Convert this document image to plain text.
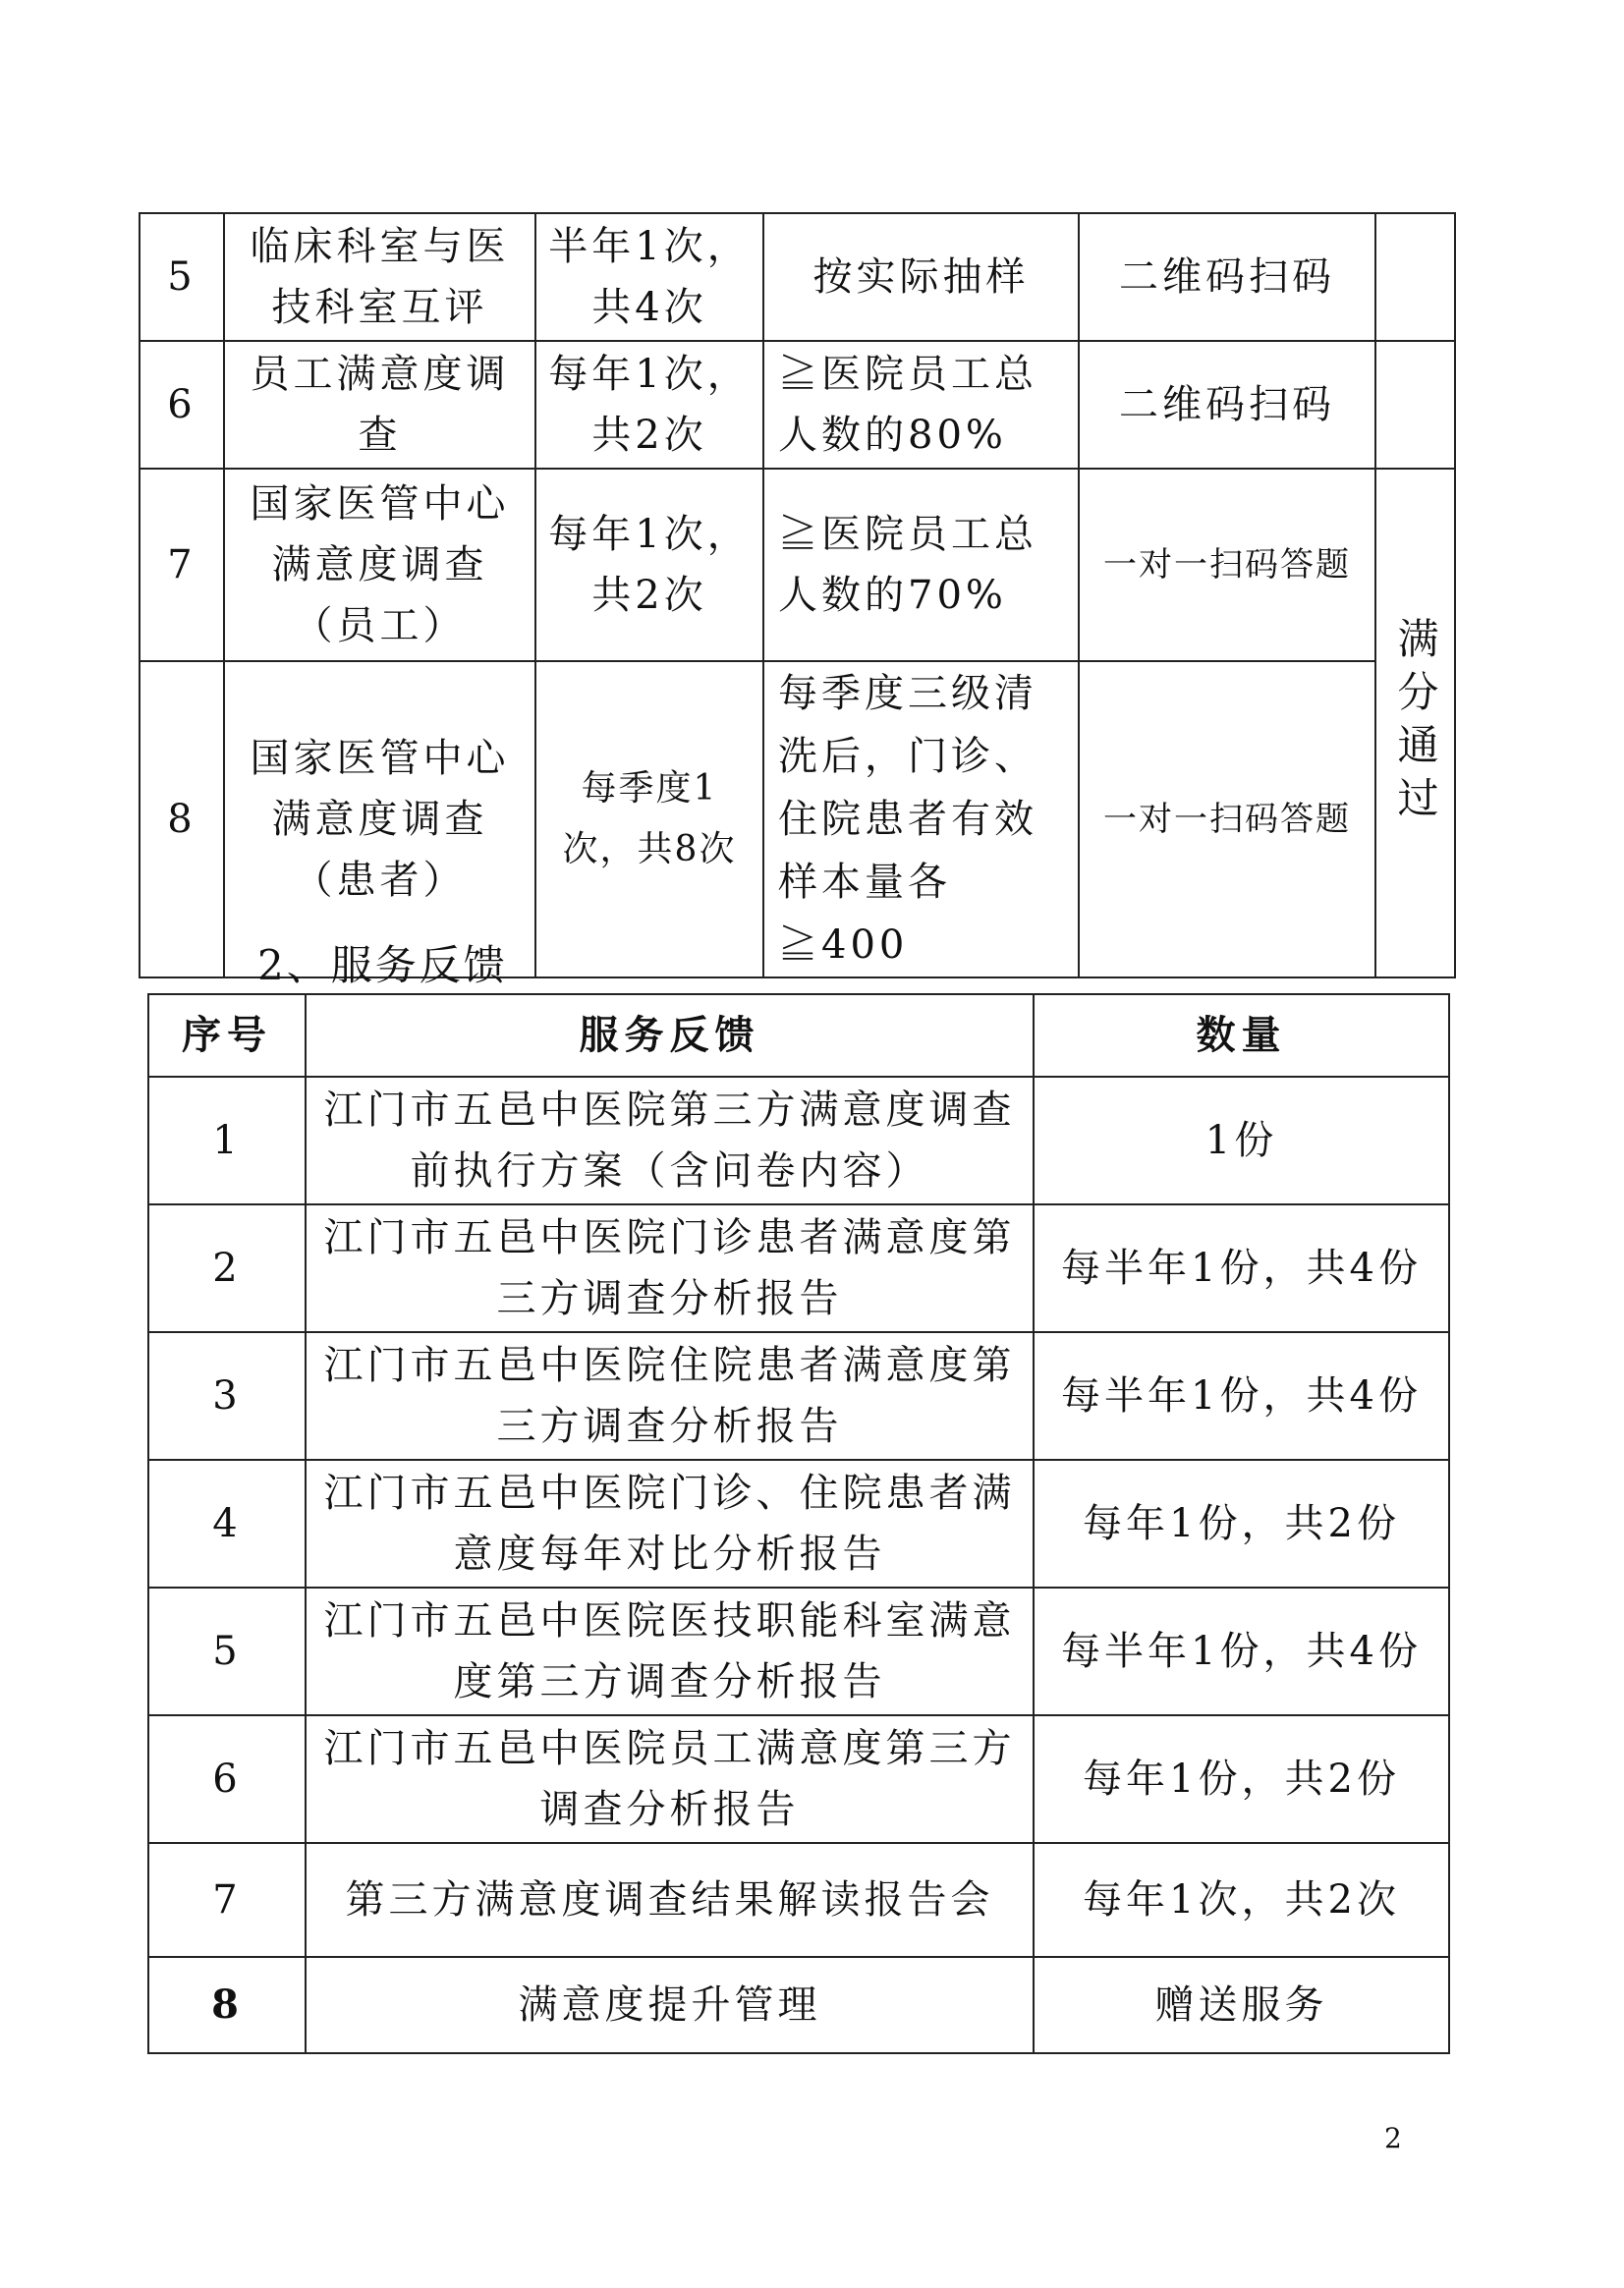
5	临床科室与医技科室互评	半年1次，共4次	按实际抽样	二维码扫码	
6	员工满意度调查	每年1次，共2次	≧医院员工总人数的80%	二维码扫码	
7	国家医管中心满意度调查（员工）	每年1次，共2次	≧医院员工总人数的70%	一对一扫码答题	满分通过
8	国家医管中心满意度调查（患者）	每季度1次，共8次	每季度三级清洗后，门诊、住院患者有效样本量各≧400	一对一扫码答题	
2、服务反馈
序号	服务反馈	数量
1	江门市五邑中医院第三方满意度调查前执行方案（含问卷内容）	1份
2	江门市五邑中医院门诊患者满意度第三方调查分析报告	每半年1份，共4份
3	江门市五邑中医院住院患者满意度第三方调查分析报告	每半年1份，共4份
4	江门市五邑中医院门诊、住院患者满意度每年对比分析报告	每年1份，共2份
5	江门市五邑中医院医技职能科室满意度第三方调查分析报告	每半年1份，共4份
6	江门市五邑中医院员工满意度第三方调查分析报告	每年1份，共2份
7	第三方满意度调查结果解读报告会	每年1次，共2次
8	满意度提升管理	赠送服务
2
